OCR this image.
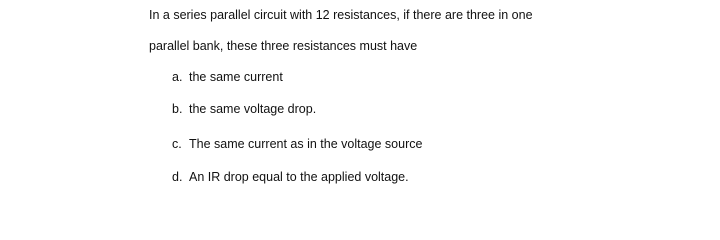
In a series parallel circuit with 12 resistances, if there are three in one
parallel bank, these three resistances must have
a. the same current
b. the same voltage drop.
c. The same current as in the voltage source
d. An IR drop equal to the applied voltage.
